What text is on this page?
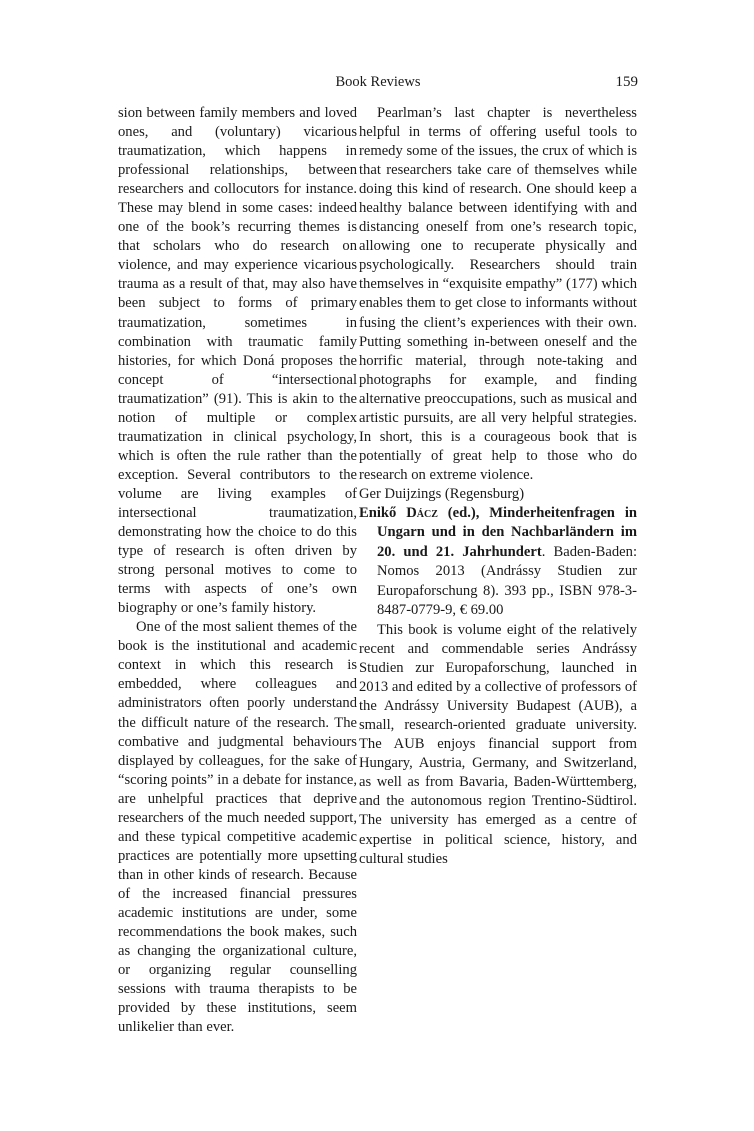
Book Reviews	159

sion between family members and loved ones, and (voluntary) vicarious traumatization, which happens in professional relationships, between researchers and collocutors for instance. These may blend in some cases: indeed one of the book’s recurring themes is that scholars who do research on violence, and may experience vicarious trauma as a result of that, may also have been subject to forms of primary traumatization, sometimes in combination with traumatic family histories, for which Doná proposes the concept of “intersectional traumatization” (91). This is akin to the notion of multiple or complex traumatization in clinical psychology, which is often the rule rather than the exception. Several contributors to the volume are living examples of intersectional traumatization, demonstrating how the choice to do this type of research is often driven by strong personal motives to come to terms with aspects of one’s own biography or one’s family history.

One of the most salient themes of the book is the institutional and academic context in which this research is embedded, where colleagues and administrators often poorly understand the difficult nature of the research. The combative and judgmental behaviours displayed by colleagues, for the sake of “scoring points” in a debate for instance, are unhelpful practices that deprive researchers of the much needed support, and these typical competitive academic practices are potentially more upsetting than in other kinds of research. Because of the increased financial pressures academic institutions are under, some recommendations the book makes, such as changing the organizational culture, or organizing regular counselling sessions with trauma therapists to be provided by these institutions, seem unlikelier than ever.

Pearlman’s last chapter is nevertheless helpful in terms of offering useful tools to remedy some of the issues, the crux of which is that researchers take care of themselves while doing this kind of research. One should keep a healthy balance between identifying with and distancing oneself from one’s research topic, allowing one to recuperate physically and psychologically. Researchers should train themselves in “exquisite empathy” (177) which enables them to get close to informants without fusing the client’s experiences with their own. Putting something in-between oneself and the horrific material, through note-taking and photographs for example, and finding alternative preoccupations, such as musical and artistic pursuits, are all very helpful strategies. In short, this is a courageous book that is potentially of great help to those who do research on extreme violence.

Ger Duijzings (Regensburg)

Enikő Dácz (ed.), Minderheitenfragen in Ungarn und in den Nachbarländern im 20. und 21. Jahrhundert. Baden-Baden: Nomos 2013 (Andrássy Studien zur Europaforschung 8). 393 pp., ISBN 978-3-8487-0779-9, € 69.00

This book is volume eight of the relatively recent and commendable series Andrássy Studien zur Europaforschung, launched in 2013 and edited by a collective of professors of the Andrássy University Budapest (AUB), a small, research-oriented graduate university. The AUB enjoys financial support from Hungary, Austria, Germany, and Switzerland, as well as from Bavaria, Baden-Württemberg, and the autonomous region Trentino-Südtirol. The university has emerged as a centre of expertise in political science, history, and cultural studies
